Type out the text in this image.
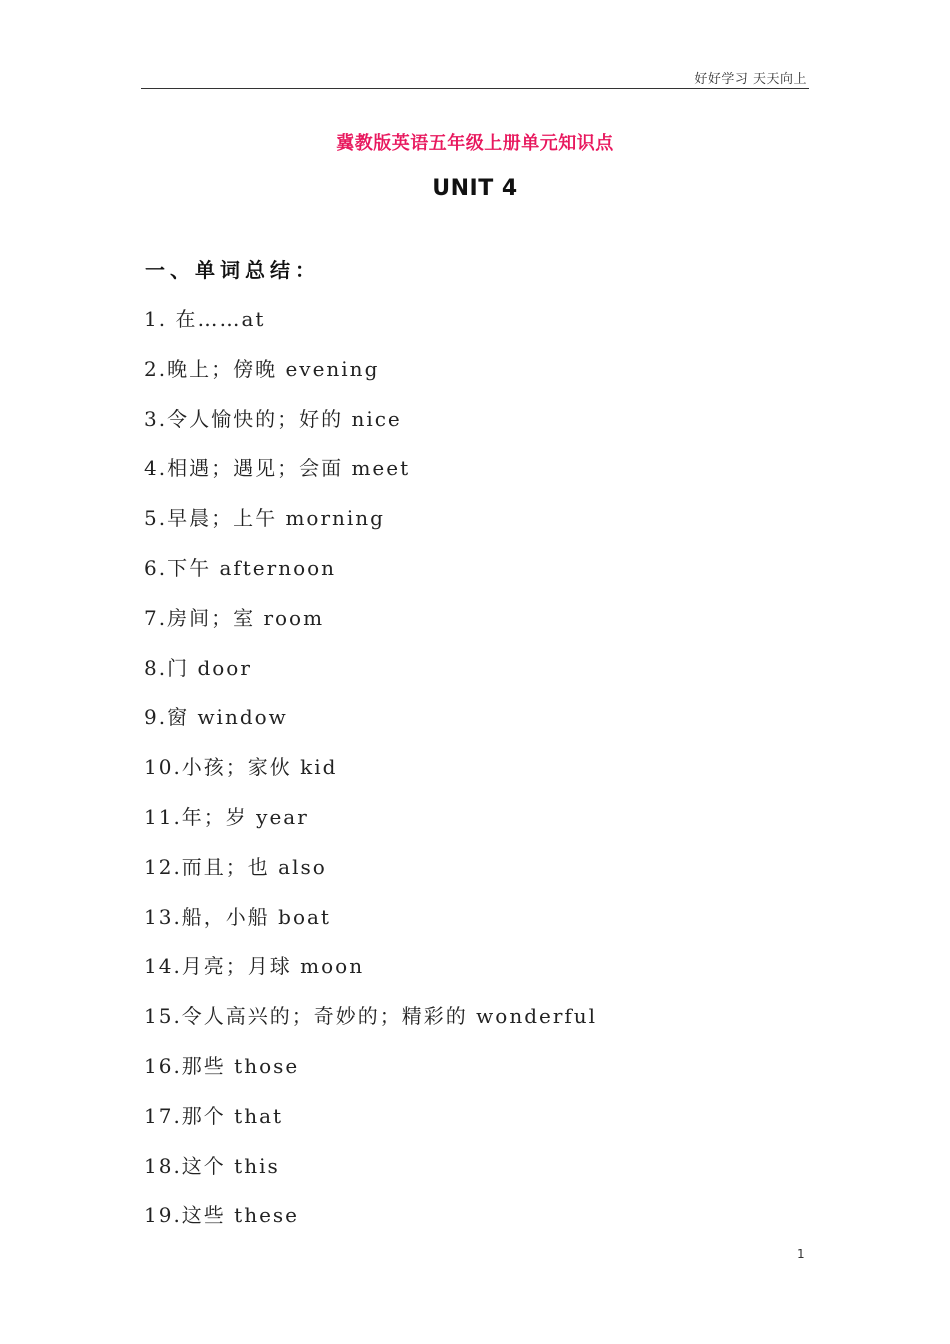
好好学习 天天向上
冀教版英语五年级上册单元知识点
UNIT 4
一、单词总结：
1. 在……at
2.晚上；傍晚 evening
3.令人愉快的；好的 nice
4.相遇；遇见；会面 meet
5.早晨；上午 morning
6.下午 afternoon
7.房间；室 room
8.门 door
9.窗 window
10.小孩；家伙 kid
11.年；岁 year
12.而且；也 also
13.船，小船 boat
14.月亮；月球 moon
15.令人高兴的；奇妙的；精彩的 wonderful
16.那些 those
17.那个 that
18.这个 this
19.这些 these
1
